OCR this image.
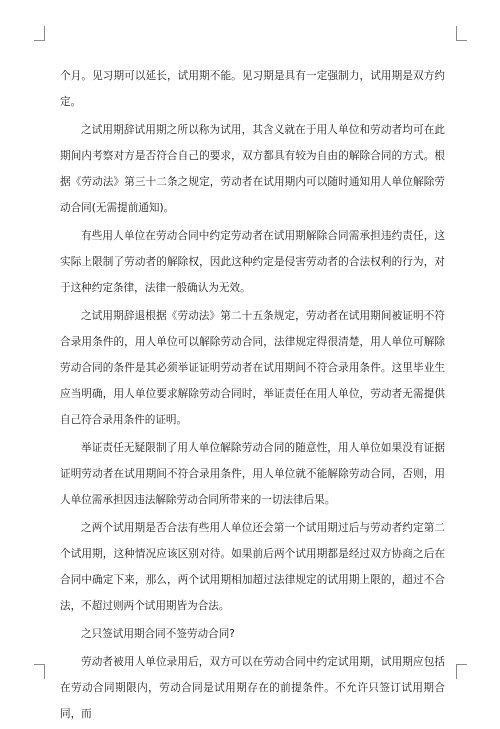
个月。见习期可以延长，试用期不能。见习期是具有一定强制力，试用期是双方约定。

之试用期辞试用期之所以称为试用，其含义就在于用人单位和劳动者均可在此期间内考察对方是否符合自己的要求，双方都具有较为自由的解除合同的方式。根据《劳动法》第三十二条之规定，劳动者在试用期内可以随时通知用人单位解除劳动合同(无需提前通知)。

有些用人单位在劳动合同中约定劳动者在试用期解除合同需承担违约责任，这实际上限制了劳动者的解除权，因此这种约定是侵害劳动者的合法权利的行为，对于这种约定条律，法律一般确认为无效。

之试用期辞退根据《劳动法》第二十五条规定，劳动者在试用期间被证明不符合录用条件的，用人单位可以解除劳动合同，法律规定得很清楚，用人单位可解除劳动合同的条件是其必须举证证明劳动者在试用期间不符合录用条件。这里毕业生应当明确，用人单位要求解除劳动合同时，举证责任在用人单位，劳动者无需提供自己符合录用条件的证明。

举证责任无疑限制了用人单位解除劳动合同的随意性，用人单位如果没有证据证明劳动者在试用期间不符合录用条件，用人单位就不能解除劳动合同，否则，用人单位需承担因违法解除劳动合同所带来的一切法律后果。

之两个试用期是否合法有些用人单位还会第一个试用期过后与劳动者约定第二个试用期，这种情况应该区别对待。如果前后两个试用期都是经过双方协商之后在合同中确定下来，那么，两个试用期相加超过法律规定的试用期上限的，超过不合法，不超过则两个试用期皆为合法。

之只签试用期合同不签劳动合同?

劳动者被用人单位录用后，双方可以在劳动合同中约定试用期，试用期应包括在劳动合同期限内，劳动合同是试用期存在的前提条件。不允许只签订试用期合同，而
